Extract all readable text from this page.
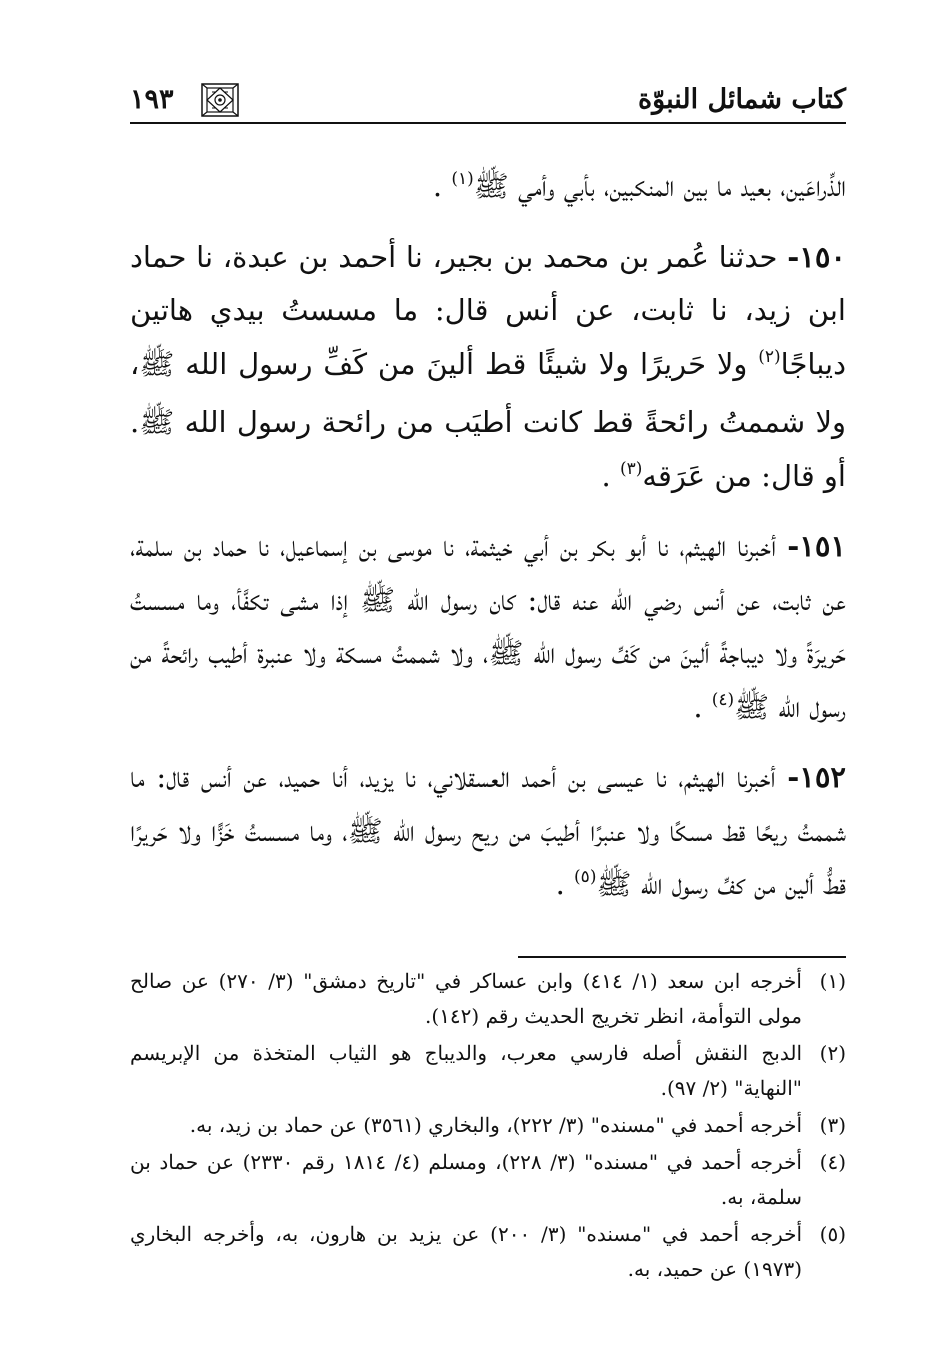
كتاب شمائل النبوّة
١٩٣

الذِّراعَين، بعيد ما بين المنكبين، بأبي وأمي ﷺ$^{(١)}$ .

١٥٠- حدثنا عُمر بن محمد بن بجير، نا أحمد بن عبدة، نا حماد ابن زيد، نا ثابت، عن أنس قال: ما مسستُ بيدي هاتين ديباجًا$^{(٢)}$ ولا حَريرًا ولا شيئًا قط ألينَ من كَفِّ رسول الله ﷺ، ولا شممتُ رائحةً قط كانت أطيَب من رائحة رسول الله ﷺ. أو قال: من عَرَقه$^{(٣)}$ .

١٥١- أخبرنا الهيثم، نا أبو بكر بن أبي خيثمة، نا موسى بن إسماعيل، نا حماد بن سلمة، عن ثابت، عن أنس رضي الله عنه قال: كان رسول الله ﷺ إذا مشى تكفَّأ، وما مسستُ حَريرَةً ولا ديباجةً ألينَ من كَفِّ رسول الله ﷺ، ولا شممتُ مسكة ولا عنبرة أطيب رائحةً من رسول الله ﷺ$^{(٤)}$ .

١٥٢- أخبرنا الهيثم، نا عيسى بن أحمد العسقلاني، نا يزيد، أنا حميد، عن أنس قال: ما شممتُ ريحًا قط مسكًا ولا عنبرًا أطيبَ من ريح رسول الله ﷺ، وما مسستُ خَزًّا ولا حَريرًا قطُّ ألين من كفِّ رسول الله ﷺ$^{(٥)}$ .

(١)
أخرجه ابن سعد (١/ ٤١٤) وابن عساكر في "تاريخ دمشق" (٣/ ٢٧٠) عن صالح مولى التوأمة، انظر تخريج الحديث رقم (١٤٢).
(٢)
الدبج النقش أصله فارسي معرب، والديباج هو الثياب المتخذة من الإبريسم "النهاية" (٢/ ٩٧).
(٣)
أخرجه أحمد في "مسنده" (٣/ ٢٢٢)، والبخاري (٣٥٦١) عن حماد بن زيد، به.
(٤)
أخرجه أحمد في "مسنده" (٣/ ٢٢٨)، ومسلم (٤/ ١٨١٤ رقم ٢٣٣٠) عن حماد بن سلمة، به.
(٥)
أخرجه أحمد في "مسنده" (٣/ ٢٠٠) عن يزيد بن هارون، به، وأخرجه البخاري (١٩٧٣) عن حميد، به.
